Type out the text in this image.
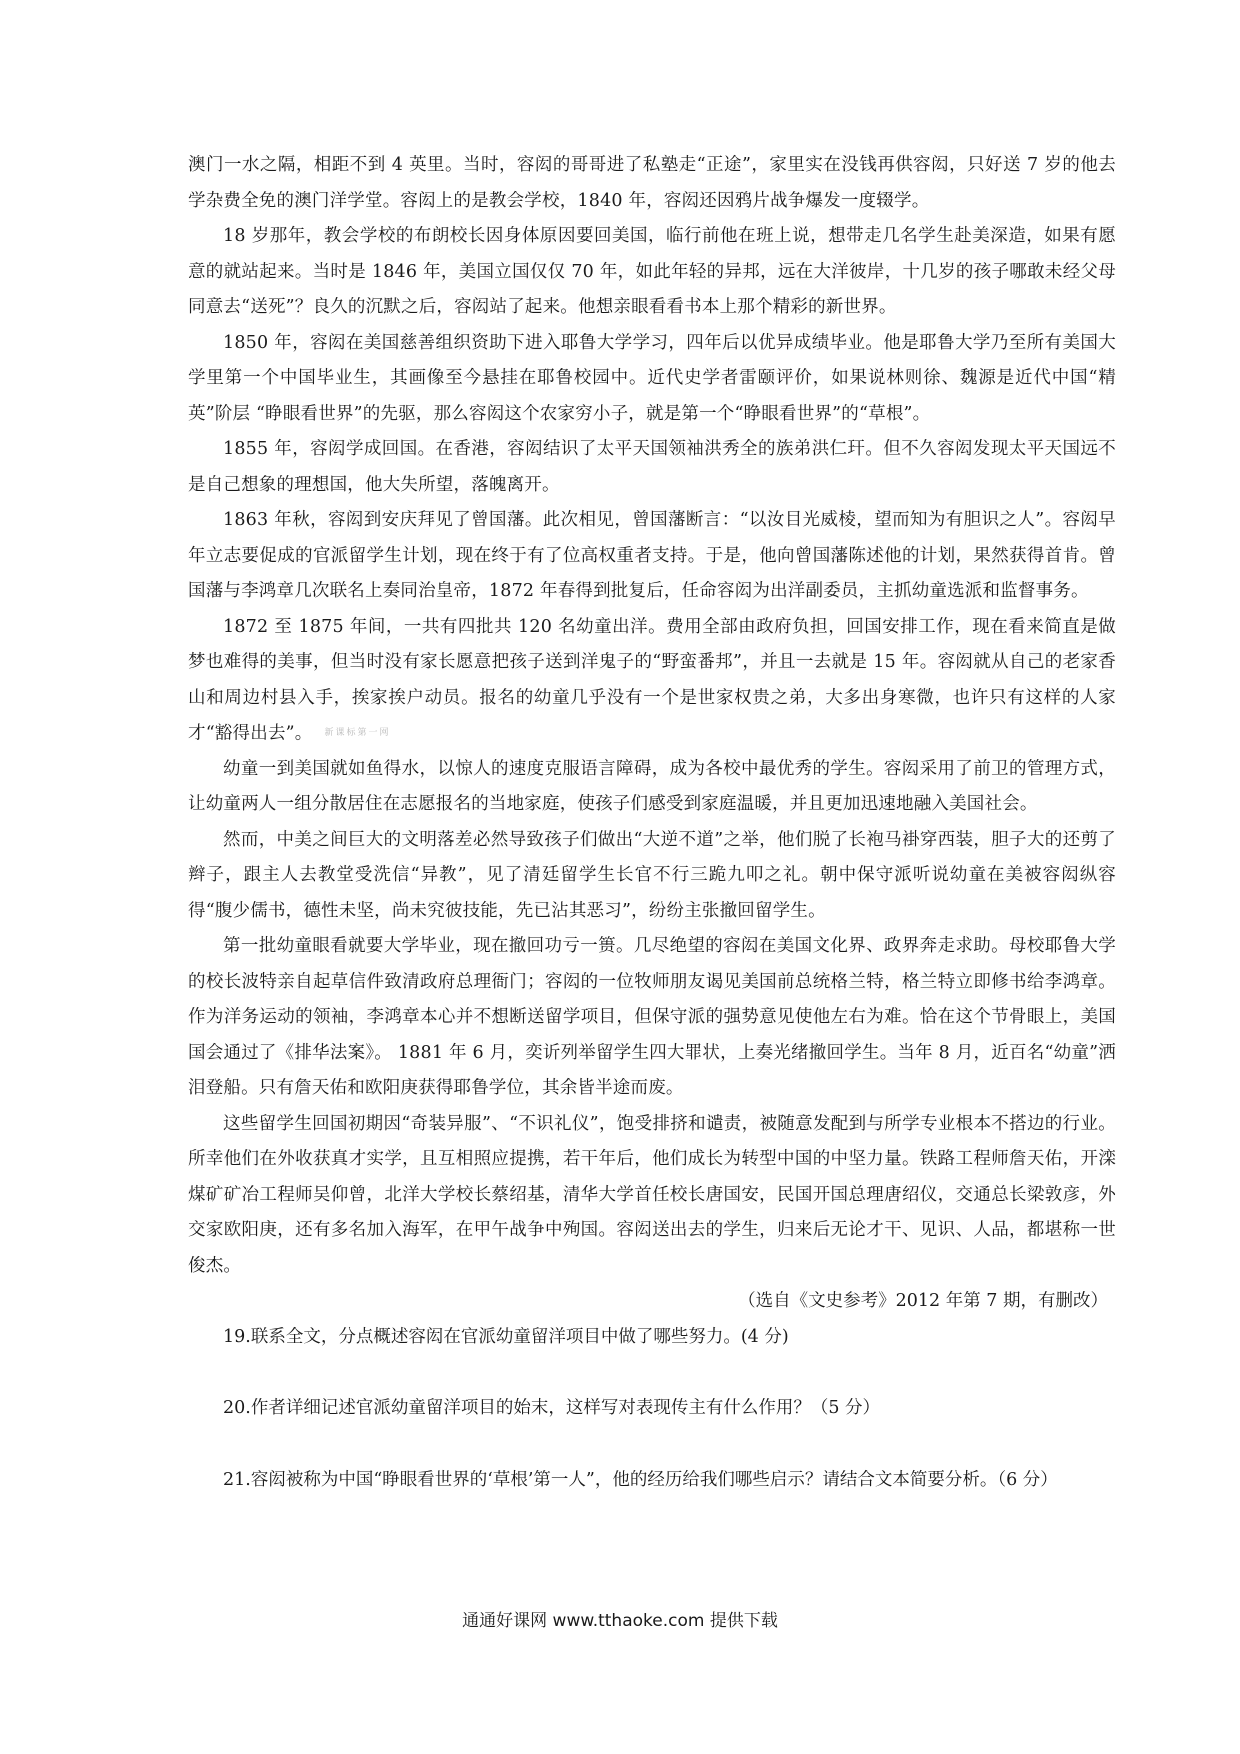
澳门一水之隔，相距不到 4 英里。当时，容闳的哥哥进了私塾走“正途”，家里实在没钱再供容闳，只好送 7 岁的他去学杂费全免的澳门洋学堂。容闳上的是教会学校，1840 年，容闳还因鸦片战争爆发一度辍学。

18 岁那年，教会学校的布朗校长因身体原因要回美国，临行前他在班上说，想带走几名学生赴美深造，如果有愿意的就站起来。当时是 1846 年，美国立国仅仅 70 年，如此年轻的异邦，远在大洋彼岸，十几岁的孩子哪敢未经父母同意去“送死”？良久的沉默之后，容闳站了起来。他想亲眼看看书本上那个精彩的新世界。

1850 年，容闳在美国慈善组织资助下进入耶鲁大学学习，四年后以优异成绩毕业。他是耶鲁大学乃至所有美国大学里第一个中国毕业生，其画像至今悬挂在耶鲁校园中。近代史学者雷颐评价，如果说林则徐、魏源是近代中国“精英”阶层 “睁眼看世界”的先驱，那么容闳这个农家穷小子，就是第一个“睁眼看世界”的“草根”。

1855 年，容闳学成回国。在香港，容闳结识了太平天国领袖洪秀全的族弟洪仁玕。但不久容闳发现太平天国远不是自己想象的理想国，他大失所望，落魄离开。

1863 年秋，容闳到安庆拜见了曾国藩。此次相见，曾国藩断言：“以汝目光威棱，望而知为有胆识之人”。容闳早年立志要促成的官派留学生计划，现在终于有了位高权重者支持。于是，他向曾国藩陈述他的计划，果然获得首肯。曾国藩与李鸿章几次联名上奏同治皇帝，1872 年春得到批复后，任命容闳为出洋副委员，主抓幼童选派和监督事务。

1872 至 1875 年间，一共有四批共 120 名幼童出洋。费用全部由政府负担，回国安排工作，现在看来简直是做梦也难得的美事，但当时没有家长愿意把孩子送到洋鬼子的“野蛮番邦”，并且一去就是 15 年。容闳就从自己的老家香山和周边村县入手，挨家挨户动员。报名的幼童几乎没有一个是世家权贵之弟，大多出身寒微，也许只有这样的人家才“豁得出去”。 新课标第一网

幼童一到美国就如鱼得水，以惊人的速度克服语言障碍，成为各校中最优秀的学生。容闳采用了前卫的管理方式，让幼童两人一组分散居住在志愿报名的当地家庭，使孩子们感受到家庭温暖，并且更加迅速地融入美国社会。

然而，中美之间巨大的文明落差必然导致孩子们做出“大逆不道”之举，他们脱了长袍马褂穿西装，胆子大的还剪了辫子，跟主人去教堂受洗信“异教”，见了清廷留学生长官不行三跪九叩之礼。朝中保守派听说幼童在美被容闳纵容得“腹少儒书，德性未坚，尚未究彼技能，先已沾其恶习”，纷纷主张撤回留学生。

第一批幼童眼看就要大学毕业，现在撤回功亏一篑。几尽绝望的容闳在美国文化界、政界奔走求助。母校耶鲁大学的校长波特亲自起草信件致清政府总理衙门；容闳的一位牧师朋友谒见美国前总统格兰特，格兰特立即修书给李鸿章。作为洋务运动的领袖，李鸿章本心并不想断送留学项目，但保守派的强势意见使他左右为难。恰在这个节骨眼上，美国国会通过了《排华法案》。 1881 年 6 月，奕䜣列举留学生四大罪状，上奏光绪撤回学生。当年 8 月，近百名“幼童”洒泪登船。只有詹天佑和欧阳庚获得耶鲁学位，其余皆半途而废。

这些留学生回国初期因“奇装异服”、“不识礼仪”，饱受排挤和谴责，被随意发配到与所学专业根本不搭边的行业。所幸他们在外收获真才实学，且互相照应提携，若干年后，他们成长为转型中国的中坚力量。铁路工程师詹天佑，开滦煤矿矿冶工程师吴仰曾，北洋大学校长蔡绍基，清华大学首任校长唐国安，民国开国总理唐绍仪，交通总长梁敦彦，外交家欧阳庚，还有多名加入海军，在甲午战争中殉国。容闳送出去的学生，归来后无论才干、见识、人品，都堪称一世俊杰。

（选自《文史参考》2012 年第 7 期，有删改）

19.联系全文，分点概述容闳在官派幼童留洋项目中做了哪些努力。(4 分)

20.作者详细记述官派幼童留洋项目的始末，这样写对表现传主有什么作用？（5 分）

21.容闳被称为中国“睁眼看世界的‘草根’第一人”，他的经历给我们哪些启示？请结合文本简要分析。（6 分）

通通好课网 www.tthaoke.com 提供下载
